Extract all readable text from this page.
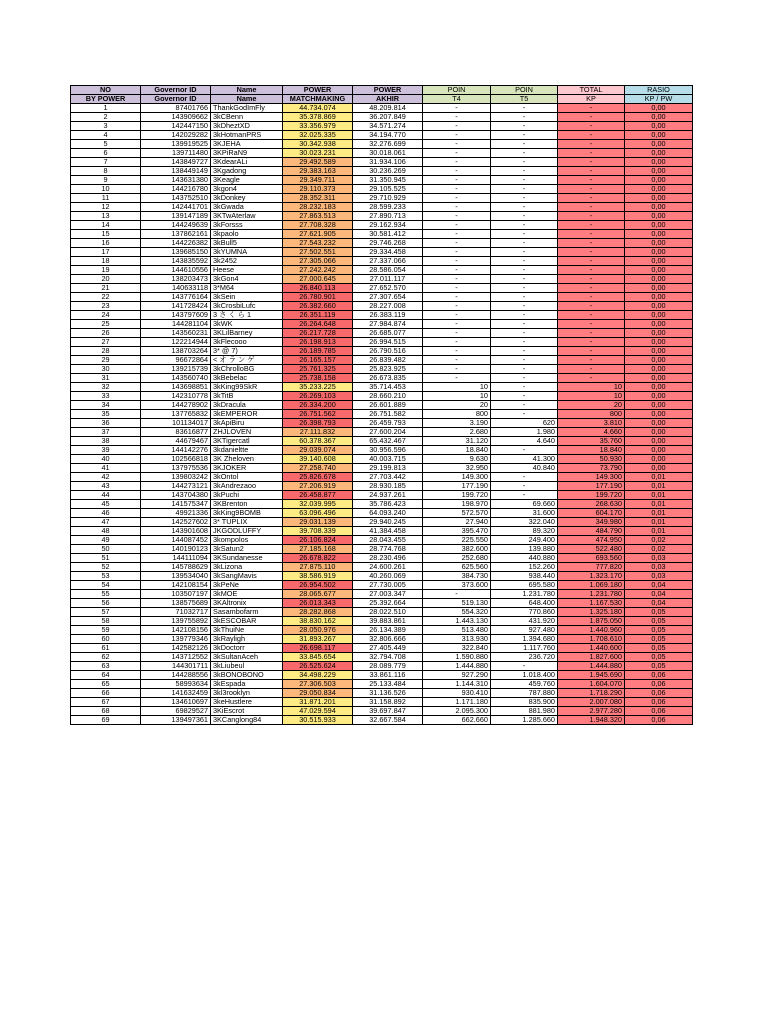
NO	Governor ID	Name	POWER	POWER	POIN	POIN	TOTAL	RASIO
BY POWER	Governor ID	Name	MATCHMAKING	AKHIR	T4	T5	KP	KP / PW
1	87401766	ThankGodImFly	44.734.074	48.209.814	-	-	-	0,00
2	143909662	3kCBenn	35.378.869	36.207.849	-	-	-	0,00
3	142447150	3kDheztXD	33.356.979	34.571.274	-	-	-	0,00
4	142029282	3kHotmanPRS	32.025.335	34.194.770	-	-	-	0,00
5	139919525	3KJEHA	30.342.938	32.276.699	-	-	-	0,00
6	139711480	3KPiRaN9	30.023.231	30.018.061	-	-	-	0,00
7	143849727	3KdearALi	29.492.589	31.934.106	-	-	-	0,00
8	138449149	3Kgadong	29.383.163	30.236.269	-	-	-	0,00
9	143631380	3Keagle	29.349.711	31.350.945	-	-	-	0,00
10	144216780	3kgon4	29.110.373	29.105.525	-	-	-	0,00
11	143752510	3kDonkey	28.352.311	29.710.929	-	-	-	0,00
12	142441701	3kGwada	28.232.183	28.599.233	-	-	-	0,00
13	139147189	3KTwAterlaw	27.863.513	27.890.713	-	-	-	0,00
14	144249639	3kForsss	27.708.328	29.162.934	-	-	-	0,00
15	137862161	3kpaolo	27.621.905	30.581.412	-	-	-	0,00
16	144226382	3kBull5	27.543.232	29.746.268	-	-	-	0,00
17	139685150	3kYUMNA	27.502.551	29.334.458	-	-	-	0,00
18	143835592	3k2452	27.305.066	27.337.066	-	-	-	0,00
19	144610556	Heese	27.242.242	28.586.054	-	-	-	0,00
20	138203473	3kGon4	27.000.645	27.011.117	-	-	-	0,00
21	140633118	3*M64	26.840.113	27.652.570	-	-	-	0,00
22	143776164	3kSein	26.780.901	27.307.654	-	-	-	0,00
23	141728424	3kCrosbiLufc	26.382.660	28.227.008	-	-	-	0,00
24	143797609	3 さ く ら 1	26.351.119	26.383.119	-	-	-	0,00
25	144281104	3kWK	26.264.648	27.984.874	-	-	-	0,00
26	143560231	3KLilBarney	26.217.728	26.685.077	-	-	-	0,00
27	122214944	3kFlecooo	26.198.913	26.994.515	-	-	-	0,00
28	138703264	3* @ 7)	26.189.785	26.790.516	-	-	-	0,00
29	96672864	< オ ラ ン ゲ	26.165.157	26.839.482	-	-	-	0,00
30	139215739	3kChrolloBG	25.761.325	25.823.925	-	-	-	0,00
31	143560740	3kBebelac	25.738.158	26.673.835	-	-	-	0,00
32	143698851	3kKing99SkR	35.233.225	35.714.453	10	-	10	0,00
33	142310778	3kTitB	26.269.103	28.660.210	10	-	10	0,00
34	144278902	3kDracula	26.334.200	26.601.889	20	-	20	0,00
35	137765832	3kEMPEROR	26.751.562	26.751.582	800	-	800	0,00
36	101134017	3kApiBiru	26.398.793	26.459.793	3.190	620	3.810	0,00
37	83616877	ZHJLOVEN	27.111.832	27.600.204	2.680	1.980	4.660	0,00
38	44679467	3KTigercatl	60.378.367	65.432.467	31.120	4.640	35.760	0,00
39	144142276	3kdanieltte	29.039.074	30.956.596	18.840	-	18.840	0,00
40	102566818	3K Zheloven	39.140.608	40.003.715	9.630	41.300	50.930	0,00
41	137975536	3KJOKER	27.258.740	29.199.813	32.950	40.840	73.790	0,00
42	139803242	3kOntol	25.826.678	27.703.442	149.300	-	149.300	0,01
43	144273121	3kAndrezaoo	27.206.919	28.930.185	177.190	-	177.190	0,01
44	143704380	3kPuchi	26.458.877	24.937.261	199.720	-	199.720	0,01
45	141575347	3KBrenton	32.039.995	35.786.423	198.970	69.660	268.630	0,01
46	49921336	3kKing9BOMB	63.096.496	64.093.240	572.570	31.600	604.170	0,01
47	142527602	3* TUPLIX	29.031.139	29.940.245	27.940	322.040	349.980	0,01
48	143901608	JKGODLUFFY	39.708.339	41.384.458	395.470	89.320	484.790	0,01
49	144087452	3kompolos	26.106.824	28.043.455	225.550	249.400	474.950	0,02
50	140190123	3kSatun2	27.185.168	28.774.768	382.600	139.880	522.480	0,02
51	144111094	3KSundanesse	26.678.822	28.230.496	252.680	440.880	693.560	0,03
52	145788629	3kLizona	27.875.110	24.600.261	625.560	152.260	777.820	0,03
53	139534040	3kSangMavis	38.586.919	40.260.069	384.730	938.440	1.323.170	0,03
54	142108154	3kPeNe	26.954.502	27.730.005	373.600	695.580	1.069.180	0,04
55	103507197	3kMOE	28.065.677	27.003.347	-	1.231.780	1.231.780	0,04
56	138575689	3KAltronix	26.013.343	25.392.664	519.130	648.400	1.167.530	0,04
57	71032717	Sasambofarm	28.282.868	28.022.510	554.320	770.860	1.325.180	0,05
58	139755892	3kESCOBAR	38.830.162	39.883.861	1.443.130	431.920	1.875.050	0,05
59	142108156	3kThuiNe	28.050.976	26.134.389	513.480	927.480	1.440.960	0,05
60	139779346	3kRayligh	31.893.267	32.806.666	313.930	1.394.680	1.708.610	0,05
61	142582126	3kDoctorr	26.698.117	27.405.449	322.840	1.117.760	1.440.600	0,05
62	143712552	3kSultanAceh	33.845.654	32.794.708	1.590.880	236.720	1.827.600	0,05
63	144301711	3kLiubeul	26.525.624	28.089.779	1.444.880	-	1.444.880	0,05
64	144288556	3kBONOBONO	34.498.229	33.861.116	927.290	1.018.400	1.945.690	0,06
65	58993634	3kEspada	27.306.503	25.133.484	1.144.310	459.760	1.604.070	0,06
66	141632459	3kl3rooklyn	29.050.834	31.136.526	930.410	787.880	1.718.290	0,06
67	134610697	3keHustlere	31.871.201	31.158.892	1.171.180	835.900	2.007.080	0,06
68	69829527	3KiEscrot	47.029.594	39.697.847	2.095.300	881.980	2.977.280	0,06
69	139497361	3KCanglong84	30.515.933	32.667.584	662.660	1.285.660	1.948.320	0,06
